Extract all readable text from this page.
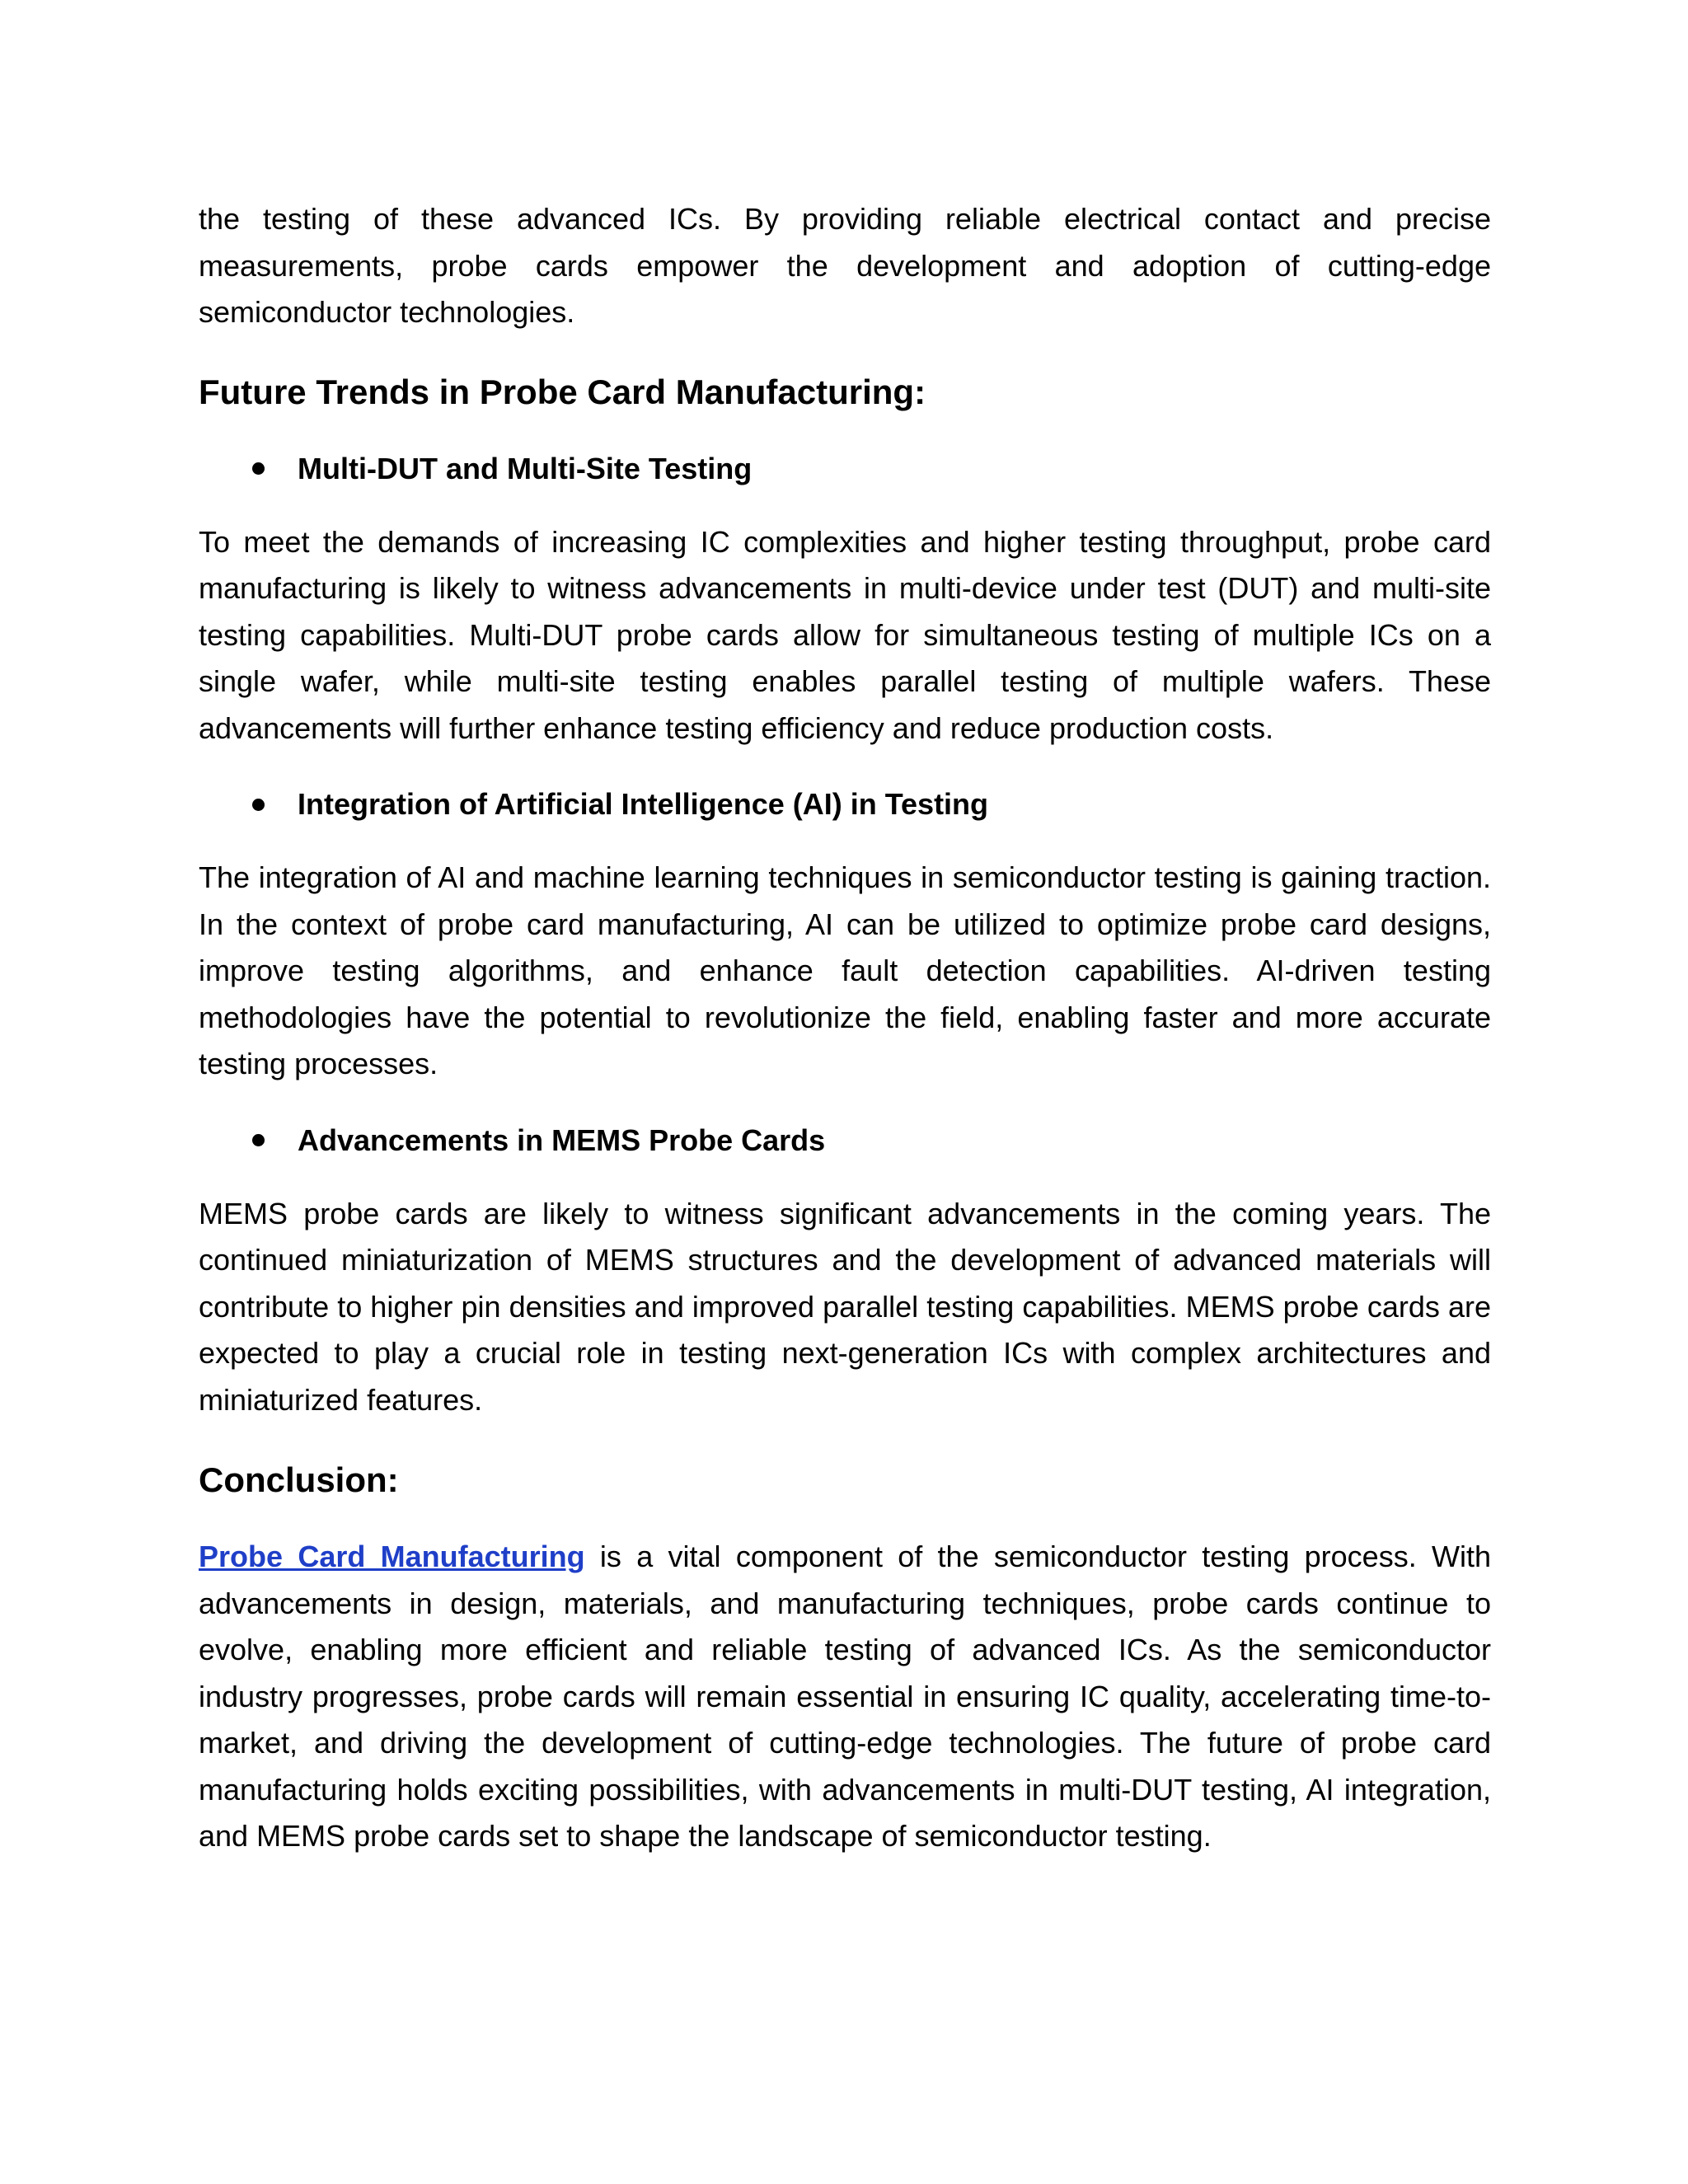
the testing of these advanced ICs. By providing reliable electrical contact and precise measurements, probe cards empower the development and adoption of cutting-edge semiconductor technologies.

Future Trends in Probe Card Manufacturing:
Multi-DUT and Multi-Site Testing

To meet the demands of increasing IC complexities and higher testing throughput, probe card manufacturing is likely to witness advancements in multi-device under test (DUT) and multi-site testing capabilities. Multi-DUT probe cards allow for simultaneous testing of multiple ICs on a single wafer, while multi-site testing enables parallel testing of multiple wafers. These advancements will further enhance testing efficiency and reduce production costs.

Integration of Artificial Intelligence (AI) in Testing

The integration of AI and machine learning techniques in semiconductor testing is gaining traction. In the context of probe card manufacturing, AI can be utilized to optimize probe card designs, improve testing algorithms, and enhance fault detection capabilities. AI-driven testing methodologies have the potential to revolutionize the field, enabling faster and more accurate testing processes.

Advancements in MEMS Probe Cards

MEMS probe cards are likely to witness significant advancements in the coming years. The continued miniaturization of MEMS structures and the development of advanced materials will contribute to higher pin densities and improved parallel testing capabilities. MEMS probe cards are expected to play a crucial role in testing next-generation ICs with complex architectures and miniaturized features.

Conclusion:

Probe Card Manufacturing is a vital component of the semiconductor testing process. With advancements in design, materials, and manufacturing techniques, probe cards continue to evolve, enabling more efficient and reliable testing of advanced ICs. As the semiconductor industry progresses, probe cards will remain essential in ensuring IC quality, accelerating time-to-market, and driving the development of cutting-edge technologies. The future of probe card manufacturing holds exciting possibilities, with advancements in multi-DUT testing, AI integration, and MEMS probe cards set to shape the landscape of semiconductor testing.
